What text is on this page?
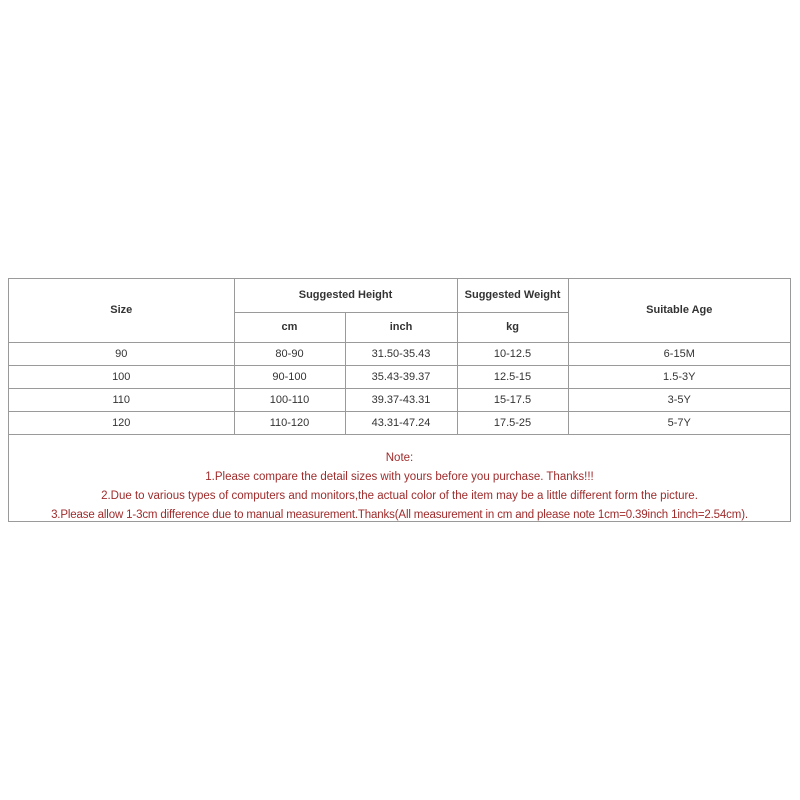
Size	Suggested Height		Suggested Weight	Suitable Age
	cm	inch	kg	
90	80-90	31.50-35.43	10-12.5	6-15M
100	90-100	35.43-39.37	12.5-15	1.5-3Y
110	100-110	39.37-43.31	15-17.5	3-5Y
120	110-120	43.31-47.24	17.5-25	5-7Y
Note:
1.Please compare the detail sizes with yours before you purchase. Thanks!!!
2.Due to various types of computers and monitors,the actual color of the item may be a little different form the picture.
3.Please allow 1-3cm difference due to manual measurement.Thanks(All measurement in cm and please note 1cm=0.39inch 1inch=2.54cm).
